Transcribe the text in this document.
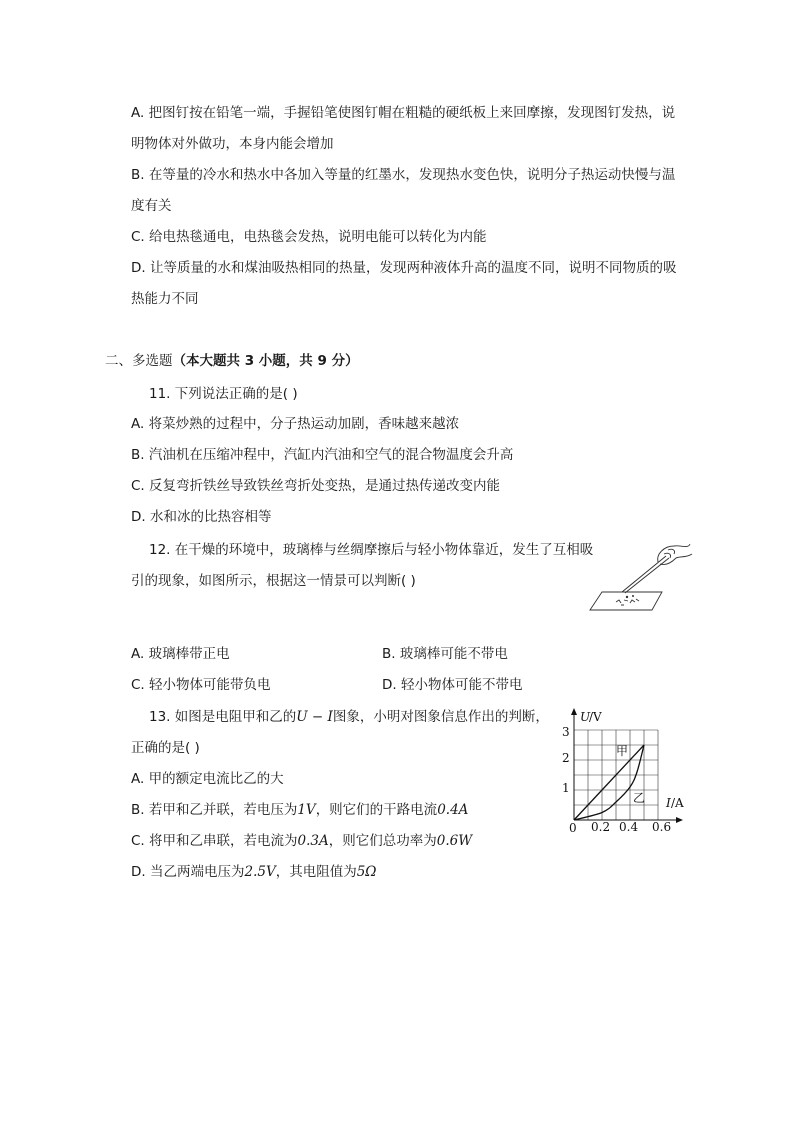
A. 把图钉按在铅笔一端，手握铅笔使图钉帽在粗糙的硬纸板上来回摩擦，发现图钉发热，说
明物体对外做功，本身内能会增加
B. 在等量的冷水和热水中各加入等量的红墨水，发现热水变色快，说明分子热运动快慢与温
度有关
C. 给电热毯通电，电热毯会发热，说明电能可以转化为内能
D. 让等质量的水和煤油吸热相同的热量，发现两种液体升高的温度不同，说明不同物质的吸
热能力不同
二、多选题（本大题共 3 小题，共 9 分）
11. 下列说法正确的是( )
A. 将菜炒熟的过程中，分子热运动加剧，香味越来越浓
B. 汽油机在压缩冲程中，汽缸内汽油和空气的混合物温度会升高
C. 反复弯折铁丝导致铁丝弯折处变热，是通过热传递改变内能
D. 水和冰的比热容相等
12. 在干燥的环境中，玻璃棒与丝绸摩擦后与轻小物体靠近，发生了互相吸
引的现象，如图所示，根据这一情景可以判断( )
A. 玻璃棒带正电	B. 玻璃棒可能不带电
C. 轻小物体可能带负电	D. 轻小物体可能不带电
13. 如图是电阻甲和乙的U − I图象，小明对图象信息作出的判断，
正确的是( )
A. 甲的额定电流比乙的大
B. 若甲和乙并联，若电压为1V，则它们的干路电流0.4A
C. 将甲和乙串联，若电流为0.3A，则它们总功率为0.6W
D. 当乙两端电压为2.5V，其电阻值为5Ω
U
/V
I /A
0 0.2 0.4 0.6
1
2
3
甲
乙
